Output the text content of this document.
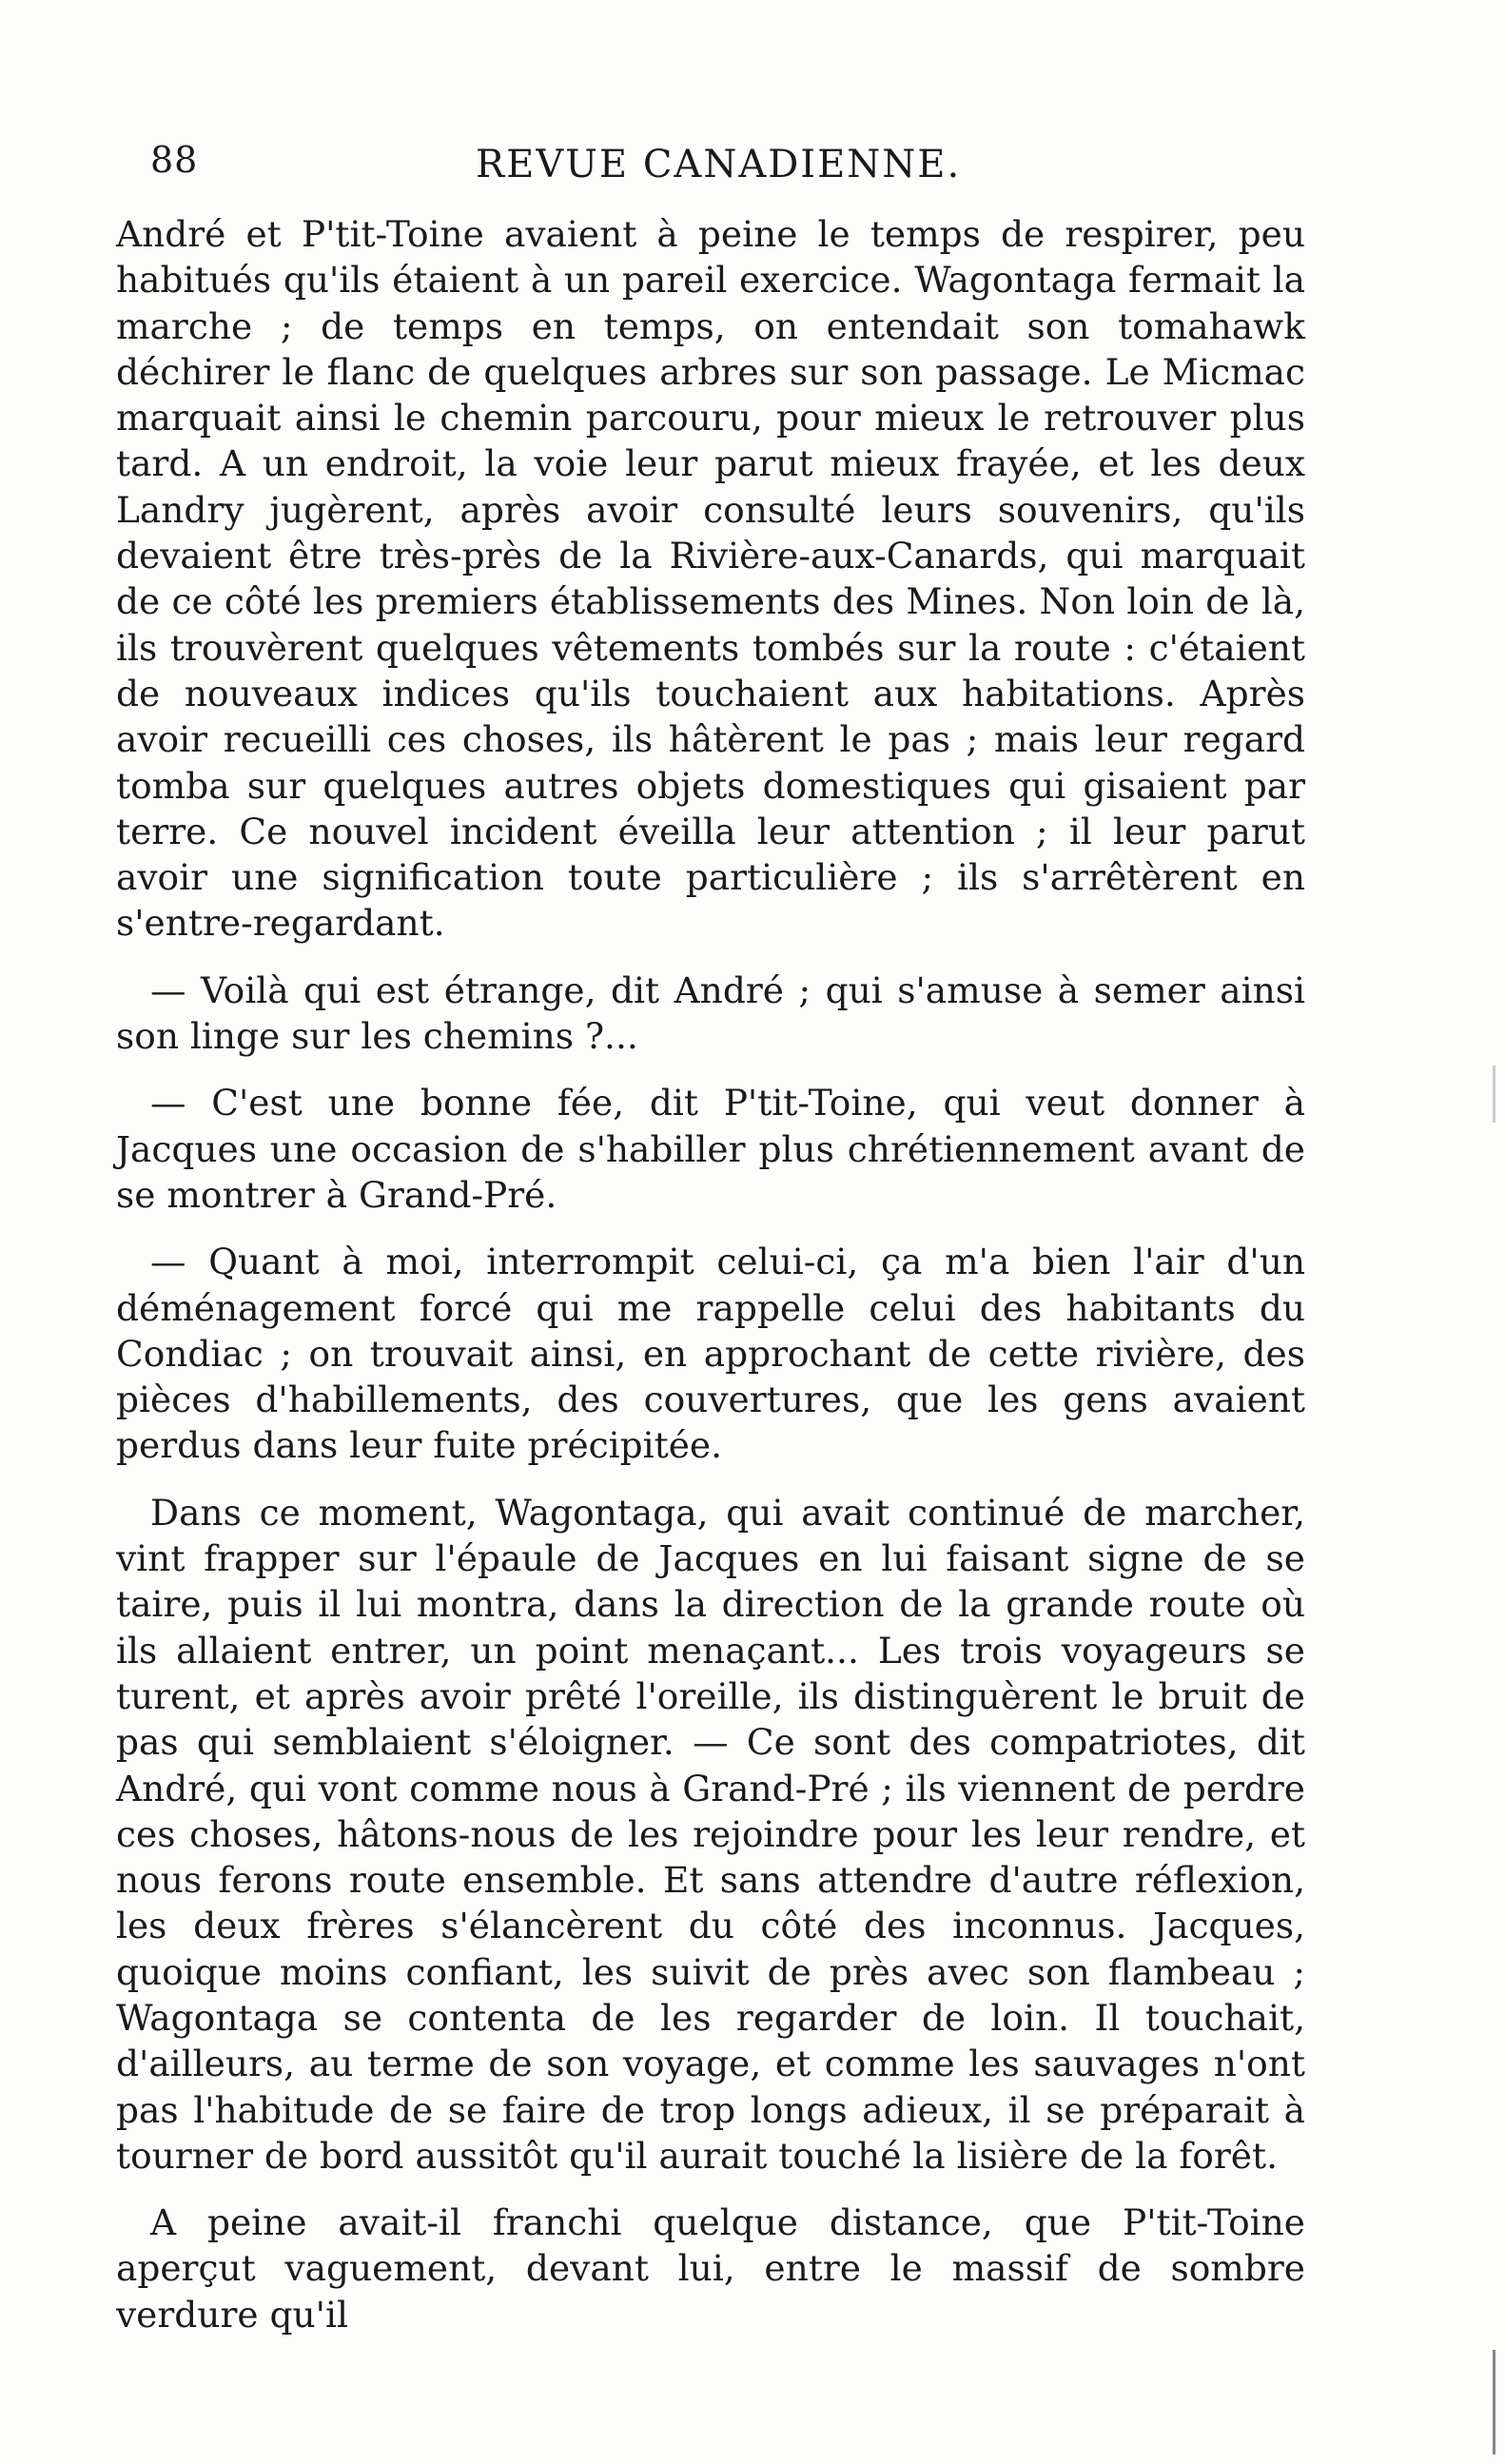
88	REVUE CANADIENNE.

André et P'tit-Toine avaient à peine le temps de respirer, peu habitués qu'ils étaient à un pareil exercice. Wagontaga fermait la marche ; de temps en temps, on entendait son tomahawk déchirer le flanc de quelques arbres sur son passage. Le Micmac marquait ainsi le chemin parcouru, pour mieux le retrouver plus tard. A un endroit, la voie leur parut mieux frayée, et les deux Landry jugèrent, après avoir consulté leurs souvenirs, qu'ils devaient être très-près de la Rivière-aux-Canards, qui marquait de ce côté les premiers établissements des Mines. Non loin de là, ils trouvèrent quelques vêtements tombés sur la route : c'étaient de nouveaux indices qu'ils touchaient aux habitations. Après avoir recueilli ces choses, ils hâtèrent le pas ; mais leur regard tomba sur quelques autres objets domestiques qui gisaient par terre. Ce nouvel incident éveilla leur attention ; il leur parut avoir une signification toute particulière ; ils s'arrêtèrent en s'entre-regardant.

— Voilà qui est étrange, dit André ; qui s'amuse à semer ainsi son linge sur les chemins ?...

— C'est une bonne fée, dit P'tit-Toine, qui veut donner à Jacques une occasion de s'habiller plus chrétiennement avant de se montrer à Grand-Pré.

— Quant à moi, interrompit celui-ci, ça m'a bien l'air d'un déménagement forcé qui me rappelle celui des habitants du Condiac ; on trouvait ainsi, en approchant de cette rivière, des pièces d'habillements, des couvertures, que les gens avaient perdus dans leur fuite précipitée.

Dans ce moment, Wagontaga, qui avait continué de marcher, vint frapper sur l'épaule de Jacques en lui faisant signe de se taire, puis il lui montra, dans la direction de la grande route où ils allaient entrer, un point menaçant... Les trois voyageurs se turent, et après avoir prêté l'oreille, ils distinguèrent le bruit de pas qui semblaient s'éloigner. — Ce sont des compatriotes, dit André, qui vont comme nous à Grand-Pré ; ils viennent de perdre ces choses, hâtons-nous de les rejoindre pour les leur rendre, et nous ferons route ensemble. Et sans attendre d'autre réflexion, les deux frères s'élancèrent du côté des inconnus. Jacques, quoique moins confiant, les suivit de près avec son flambeau ; Wagontaga se contenta de les regarder de loin. Il touchait, d'ailleurs, au terme de son voyage, et comme les sauvages n'ont pas l'habitude de se faire de trop longs adieux, il se préparait à tourner de bord aussitôt qu'il aurait touché la lisière de la forêt.

A peine avait-il franchi quelque distance, que P'tit-Toine aperçut vaguement, devant lui, entre le massif de sombre verdure qu'il
